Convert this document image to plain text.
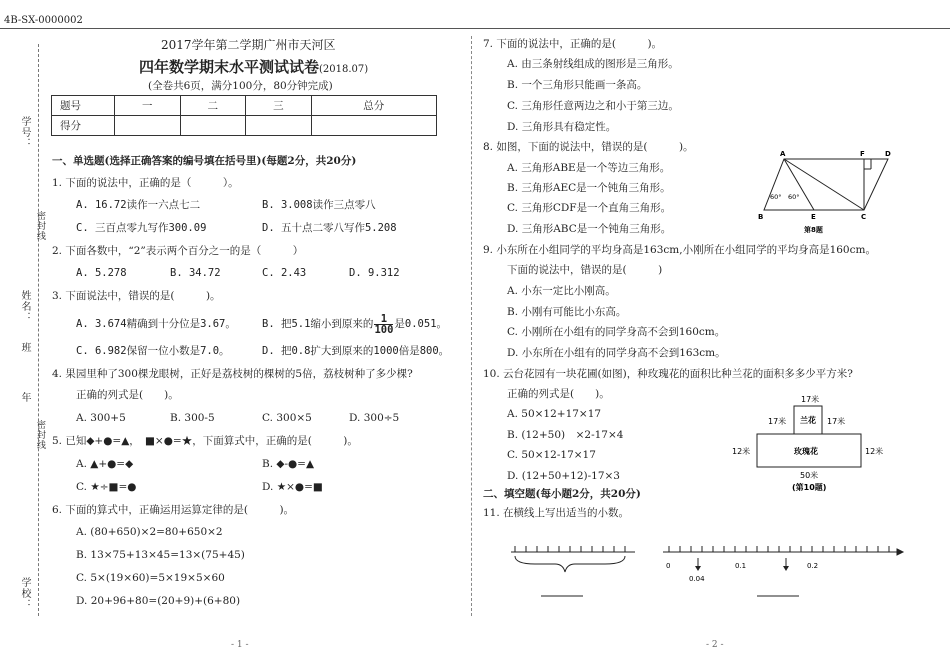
4B-SX-0000002
学号：
密封线
姓名：
班
年
密封线
学校：
2017学年第二学期广州市天河区
四年数学期末水平测试试卷(2018.07)
(全卷共6页，满分100分，80分钟完成)
题号	一	二	三	总分
得分				
一、单选题(选择正确答案的编号填在括号里)(每题2分，共20分)
1. 下面的说法中，正确的是（　　　）。
A. 16.72读作一六点七二	B. 3.008读作三点零八
C. 三百点零九写作300.09	D. 五十点二零八写作5.208
2. 下面各数中，“2”表示两个百分之一的是（　　　）
A. 5.278	B. 34.72	C. 2.43	D. 9.312
3. 下面说法中，错误的是(　　　)。
A. 3.674精确到十分位是3.67。 B. 把5.1缩小到原来的 $\frac{1}{100}$ 是0.051。
C. 6.982保留一位小数是7.0。	D. 把0.8扩大到原来的1000倍是800。
4. 果园里种了300棵龙眼树，正好是荔枝树的棵树的5倍，荔枝树种了多少棵?
正确的列式是(　　)。
A. 300+5	B. 300-5	C. 300×5	D. 300÷5
5. 已知◆+●=▲，　■×●=★，下面算式中，正确的是(　　　)。
A. ▲+●=◆	B. ◆-●=▲
C. ★÷■=●	D. ★×●=■
6. 下面的算式中，正确运用运算定律的是(　　　)。
A. (80+650)×2=80+650×2
B. 13×75+13×45=13×(75+45)
C. 5×(19×60)=5×19×5×60
D. 20+96+80=(20+9)+(6+80)
- 1 -
7. 下面的说法中，正确的是(　　　)。
A. 由三条射线组成的图形是三角形。
B. 一个三角形只能画一条高。
C. 三角形任意两边之和小于第三边。
D. 三角形具有稳定性。
8. 如图，下面的说法中，错误的是(　　　)。
A. 三角形ABE是一个等边三角形。
B. 三角形AEC是一个钝角三角形。
C. 三角形CDF是一个直角三角形。
D. 三角形ABC是一个钝角三角形。
A	F	D
B	E	C
60° 60°
第8题
9. 小东所在小组同学的平均身高是163cm,小刚所在小组同学的平均身高是160cm。
下面的说法中，错误的是(　　　)
A. 小东一定比小刚高。
B. 小刚有可能比小东高。
C. 小刚所在小组有的同学身高不会到160cm。
D. 小东所在小组有的同学身高不会到163cm。
10. 云台花园有一块花圃(如图)，种玫瑰花的面积比种兰花的面积多多少平方米?
正确的列式是(　　)。
A. 50×12+17×17
B. (12+50)　×2-17×4
C. 50×12-17×17
D. (12+50+12)-17×3
17米
17米	17米
兰花
12米	12米
玫瑰花
50米
(第10题)
二、填空题(每小题2分，共20分)
11. 在横线上写出适当的小数。
0
0.04
0.1	0.2
- 2 -
